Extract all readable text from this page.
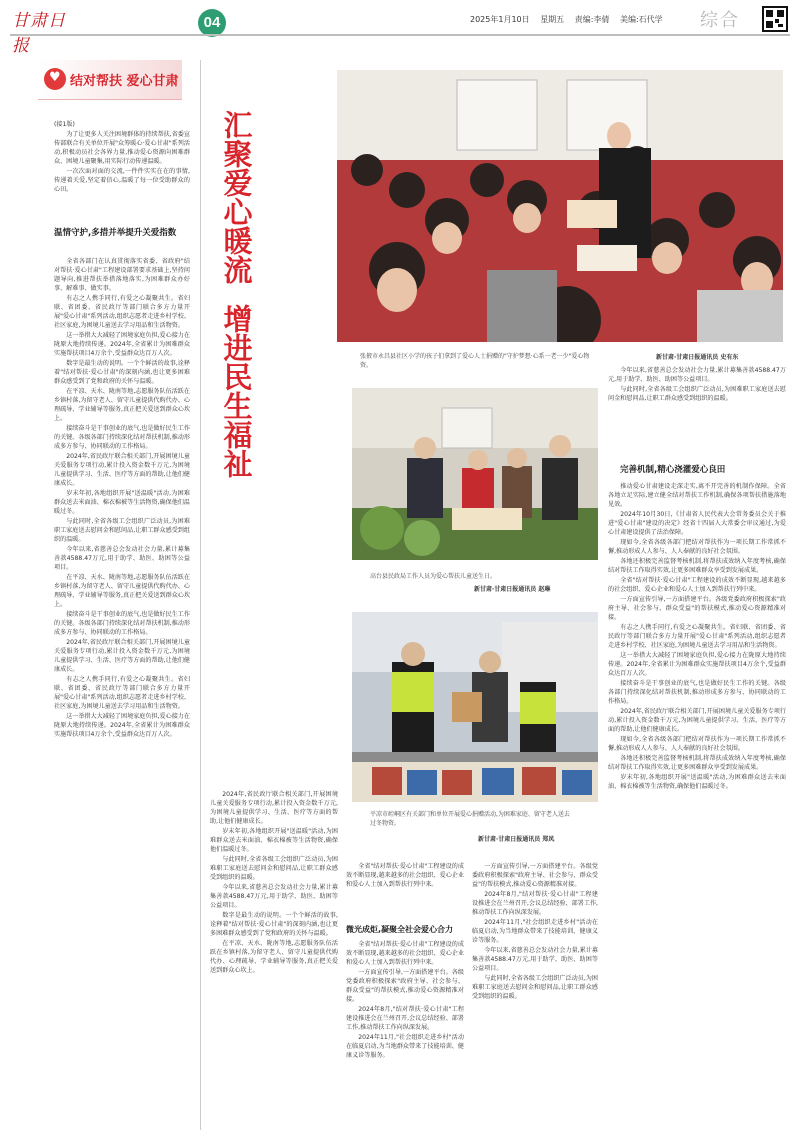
甘肃日报
04	2025年1月10日 星期五 责编:李倩 美编:石代学	综合
♥
结对帮扶 爱心甘肃

(接1版)

为了让更多人关注困境群体的持续帮扶,省委宣传部联合有关单位开展"众筹暖心·爱心甘肃"系列活动,积极动员社会各界力量,推动爱心资源向困难群众、困境儿童聚集,用实际行动传递温暖。

一次次面对面的交流,一件件实实在在的事情,传递着关爱,坚定着信心,温暖了每一位受助群众的心田。

温情守护,多措并举提升关爱指数

全省各部门在认真贯彻落实省委、省政府"结对帮扶·爱心甘肃"工程建设部署要求基础上,坚持问题导向,推进帮扶举措落地落实,为困难群众办好事、解难事、做实事。

有志之人携手同行,有爱之心凝聚共生。省妇联、省团委、省民政厅等部门联合多方力量开展"爱心甘肃"系列活动,组织志愿者走进乡村学校、社区家庭,为困境儿童送去学习用品和生活物资。

这一举措大大减轻了困境家庭负担,爱心接力在陇原大地持续传递。2024年,全省累计为困难群众实施帮扶项目4万余个,受益群众达百万人次。

数字是最生动的说明。一个个鲜活的故事,诠释着"结对帮扶·爱心甘肃"的深刻内涵,也让更多困难群众感受到了党和政府的关怀与温暖。

在平凉、天水、陇南等地,志愿服务队伍活跃在乡镇村落,为留守老人、留守儿童提供代购代办、心理疏导、学业辅导等服务,真正把关爱送到群众心坎上。

接续奋斗是干事创业的底气,也是做好民生工作的关键。各级各部门持续深化结对帮扶机制,推动形成多方参与、协同联动的工作格局。

2024年,省民政厅联合相关部门,开展困境儿童关爱服务专项行动,累计投入资金数千万元,为困境儿童提供学习、生活、医疗等方面的帮助,让他们健康成长。

岁末年初,各地组织开展"送温暖"活动,为困难群众送去米面油、棉衣棉被等生活物资,确保他们温暖过冬。

与此同时,全省各级工会组织广泛动员,为困难职工家庭送去慰问金和慰问品,让职工群众感受到组织的温暖。

今年以来,省慈善总会发动社会力量,累计募集善款4588.47万元,用于助学、助医、助困等公益项目。

在平凉、天水、陇南等地,志愿服务队伍活跃在乡镇村落,为留守老人、留守儿童提供代购代办、心理疏导、学业辅导等服务,真正把关爱送到群众心坎上。

接续奋斗是干事创业的底气,也是做好民生工作的关键。各级各部门持续深化结对帮扶机制,推动形成多方参与、协同联动的工作格局。

2024年,省民政厅联合相关部门,开展困境儿童关爱服务专项行动,累计投入资金数千万元,为困境儿童提供学习、生活、医疗等方面的帮助,让他们健康成长。

有志之人携手同行,有爱之心凝聚共生。省妇联、省团委、省民政厅等部门联合多方力量开展"爱心甘肃"系列活动,组织志愿者走进乡村学校、社区家庭,为困境儿童送去学习用品和生活物资。

这一举措大大减轻了困境家庭负担,爱心接力在陇原大地持续传递。2024年,全省累计为困难群众实施帮扶项目4万余个,受益群众达百万人次。

汇聚爱心暖流
增进民生福祉	张掖市永昌县社区小学的孩子们拿到了爱心人士捐赠的"守护梦想·心系一老一少"爱心物资。
新甘肃·甘肃日报通讯员 史有东
高台县民政局工作人员为爱心帮扶儿童送生日。
新甘肃·甘肃日报通讯员 赵琳
平凉市崆峒区有关部门和单位开展爱心捐赠活动,为困难家庭、留守老人送去过冬物资。
新甘肃·甘肃日报通讯员 郑凤

2024年,省民政厅联合相关部门,开展困境儿童关爱服务专项行动,累计投入资金数千万元,为困境儿童提供学习、生活、医疗等方面的帮助,让他们健康成长。

岁末年初,各地组织开展"送温暖"活动,为困难群众送去米面油、棉衣棉被等生活物资,确保他们温暖过冬。

与此同时,全省各级工会组织广泛动员,为困难职工家庭送去慰问金和慰问品,让职工群众感受到组织的温暖。

今年以来,省慈善总会发动社会力量,累计募集善款4588.47万元,用于助学、助医、助困等公益项目。

数字是最生动的说明。一个个鲜活的故事,诠释着"结对帮扶·爱心甘肃"的深刻内涵,也让更多困难群众感受到了党和政府的关怀与温暖。

在平凉、天水、陇南等地,志愿服务队伍活跃在乡镇村落,为留守老人、留守儿童提供代购代办、心理疏导、学业辅导等服务,真正把关爱送到群众心坎上。

全省"结对帮扶·爱心甘肃"工程建设的成效不断显现,越来越多的社会组织、爱心企业和爱心人士加入到帮扶行列中来。

微光成炬,凝聚全社会爱心合力

全省"结对帮扶·爱心甘肃"工程建设的成效不断显现,越来越多的社会组织、爱心企业和爱心人士加入到帮扶行列中来。

一方面宣传引导,一方面搭建平台。各级党委政府积极探索"政府主导、社会参与、群众受益"的帮扶模式,推动爱心资源精准对接。

2024年8月,"结对帮扶·爱心甘肃"工程建设推进会在兰州召开,会议总结经验、部署工作,推动帮扶工作向纵深发展。

2024年11月,"社会组织走进乡村"活动在临夏启动,为当地群众带来了技能培训、健康义诊等服务。

一方面宣传引导,一方面搭建平台。各级党委政府积极探索"政府主导、社会参与、群众受益"的帮扶模式,推动爱心资源精准对接。

2024年8月,"结对帮扶·爱心甘肃"工程建设推进会在兰州召开,会议总结经验、部署工作,推动帮扶工作向纵深发展。

2024年11月,"社会组织走进乡村"活动在临夏启动,为当地群众带来了技能培训、健康义诊等服务。

今年以来,省慈善总会发动社会力量,累计募集善款4588.47万元,用于助学、助医、助困等公益项目。

与此同时,全省各级工会组织广泛动员,为困难职工家庭送去慰问金和慰问品,让职工群众感受到组织的温暖。

今年以来,省慈善总会发动社会力量,累计募集善款4588.47万元,用于助学、助医、助困等公益项目。

与此同时,全省各级工会组织广泛动员,为困难职工家庭送去慰问金和慰问品,让职工群众感受到组织的温暖。

完善机制,精心浇灌爱心良田

推动爱心甘肃建设走深走实,离不开完善的机制作保障。全省各地立足实际,建立健全结对帮扶工作机制,确保各项帮扶措施落地见效。

2024年10月30日,《甘肃省人民代表大会常务委员会关于推进"爱心甘肃"建设的决定》经省十四届人大常委会审议通过,为爱心甘肃建设提供了法治保障。

现如今,全省各级各部门把结对帮扶作为一项长期工作常抓不懈,推动形成人人参与、人人奉献的良好社会氛围。

各地还积极完善监督考核机制,将帮扶成效纳入年度考核,确保结对帮扶工作取得实效,让更多困难群众享受到发展成果。

全省"结对帮扶·爱心甘肃"工程建设的成效不断显现,越来越多的社会组织、爱心企业和爱心人士加入到帮扶行列中来。

一方面宣传引导,一方面搭建平台。各级党委政府积极探索"政府主导、社会参与、群众受益"的帮扶模式,推动爱心资源精准对接。

有志之人携手同行,有爱之心凝聚共生。省妇联、省团委、省民政厅等部门联合多方力量开展"爱心甘肃"系列活动,组织志愿者走进乡村学校、社区家庭,为困境儿童送去学习用品和生活物资。

这一举措大大减轻了困境家庭负担,爱心接力在陇原大地持续传递。2024年,全省累计为困难群众实施帮扶项目4万余个,受益群众达百万人次。

接续奋斗是干事创业的底气,也是做好民生工作的关键。各级各部门持续深化结对帮扶机制,推动形成多方参与、协同联动的工作格局。

2024年,省民政厅联合相关部门,开展困境儿童关爱服务专项行动,累计投入资金数千万元,为困境儿童提供学习、生活、医疗等方面的帮助,让他们健康成长。

现如今,全省各级各部门把结对帮扶作为一项长期工作常抓不懈,推动形成人人参与、人人奉献的良好社会氛围。

各地还积极完善监督考核机制,将帮扶成效纳入年度考核,确保结对帮扶工作取得实效,让更多困难群众享受到发展成果。

岁末年初,各地组织开展"送温暖"活动,为困难群众送去米面油、棉衣棉被等生活物资,确保他们温暖过冬。
